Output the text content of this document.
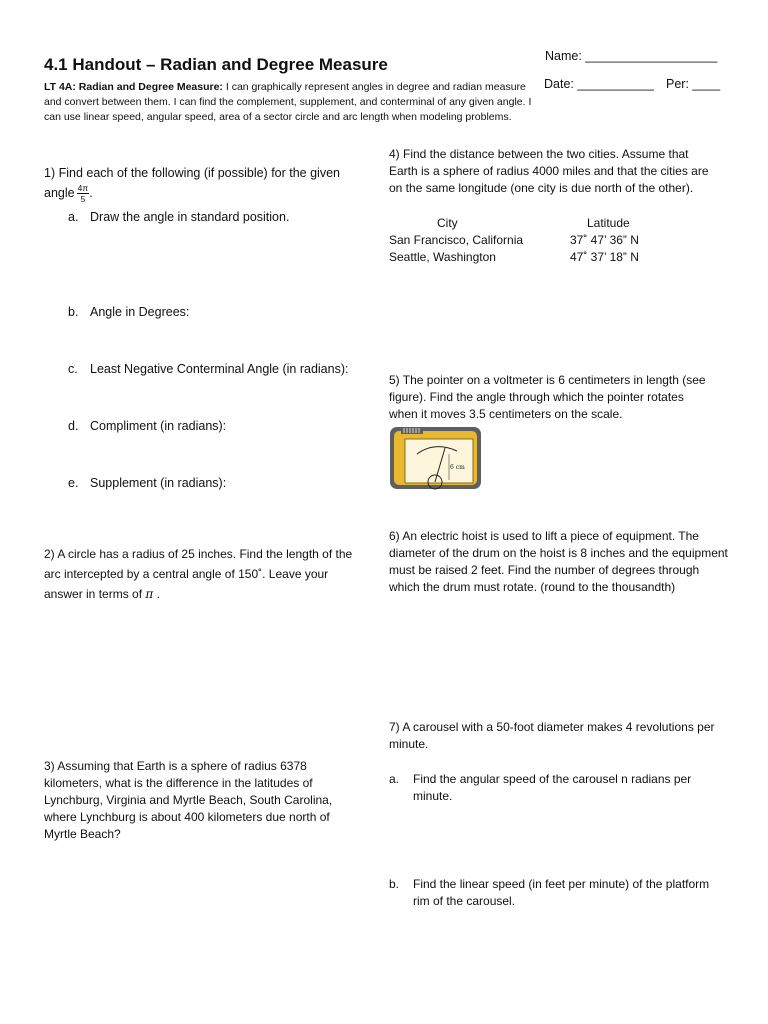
4.1 Handout – Radian and Degree Measure	Name: ___________________
Date: ___________ Per: ____
LT 4A: Radian and Degree Measure: I can graphically represent angles in degree and radian measure and convert between them. I can find the complement, supplement, and conterminal of any given angle. I can use linear speed, angular speed, area of a sector circle and arc length when modeling problems.
1) Find each of the following (if possible) for the given
angle $\frac{4\pi}{5}$ .
a. Draw the angle in standard position.
b. Angle in Degrees:
c. Least Negative Conterminal Angle (in radians):
d. Compliment (in radians):
e. Supplement (in radians):
2) A circle has a radius of 25 inches. Find the length of the
arc intercepted by a central angle of 150˚. Leave your
answer in terms of π .
3) Assuming that Earth is a sphere of radius 6378 kilometers, what is the difference in the latitudes of Lynchburg, Virginia and Myrtle Beach, South Carolina, where Lynchburg is about 400 kilometers due north of Myrtle Beach?
4) Find the distance between the two cities. Assume that Earth is a sphere of radius 4000 miles and that the cities are on the same longitude (one city is due north of the other).
City	Latitude
San Francisco, California	37˚ 47’ 36” N
Seattle, Washington	47˚ 37’ 18” N
5) The pointer on a voltmeter is 6 centimeters in length (see figure). Find the angle through which the pointer rotates when it moves 3.5 centimeters on the scale.
6 cm
6) An electric hoist is used to lift a piece of equipment. The diameter of the drum on the hoist is 8 inches and the equipment must be raised 2 feet. Find the number of degrees through which the drum must rotate. (round to the thousandth)
7) A carousel with a 50-foot diameter makes 4 revolutions per minute.
a. Find the angular speed of the carousel n radians per minute.
b. Find the linear speed (in feet per minute) of the platform rim of the carousel.
